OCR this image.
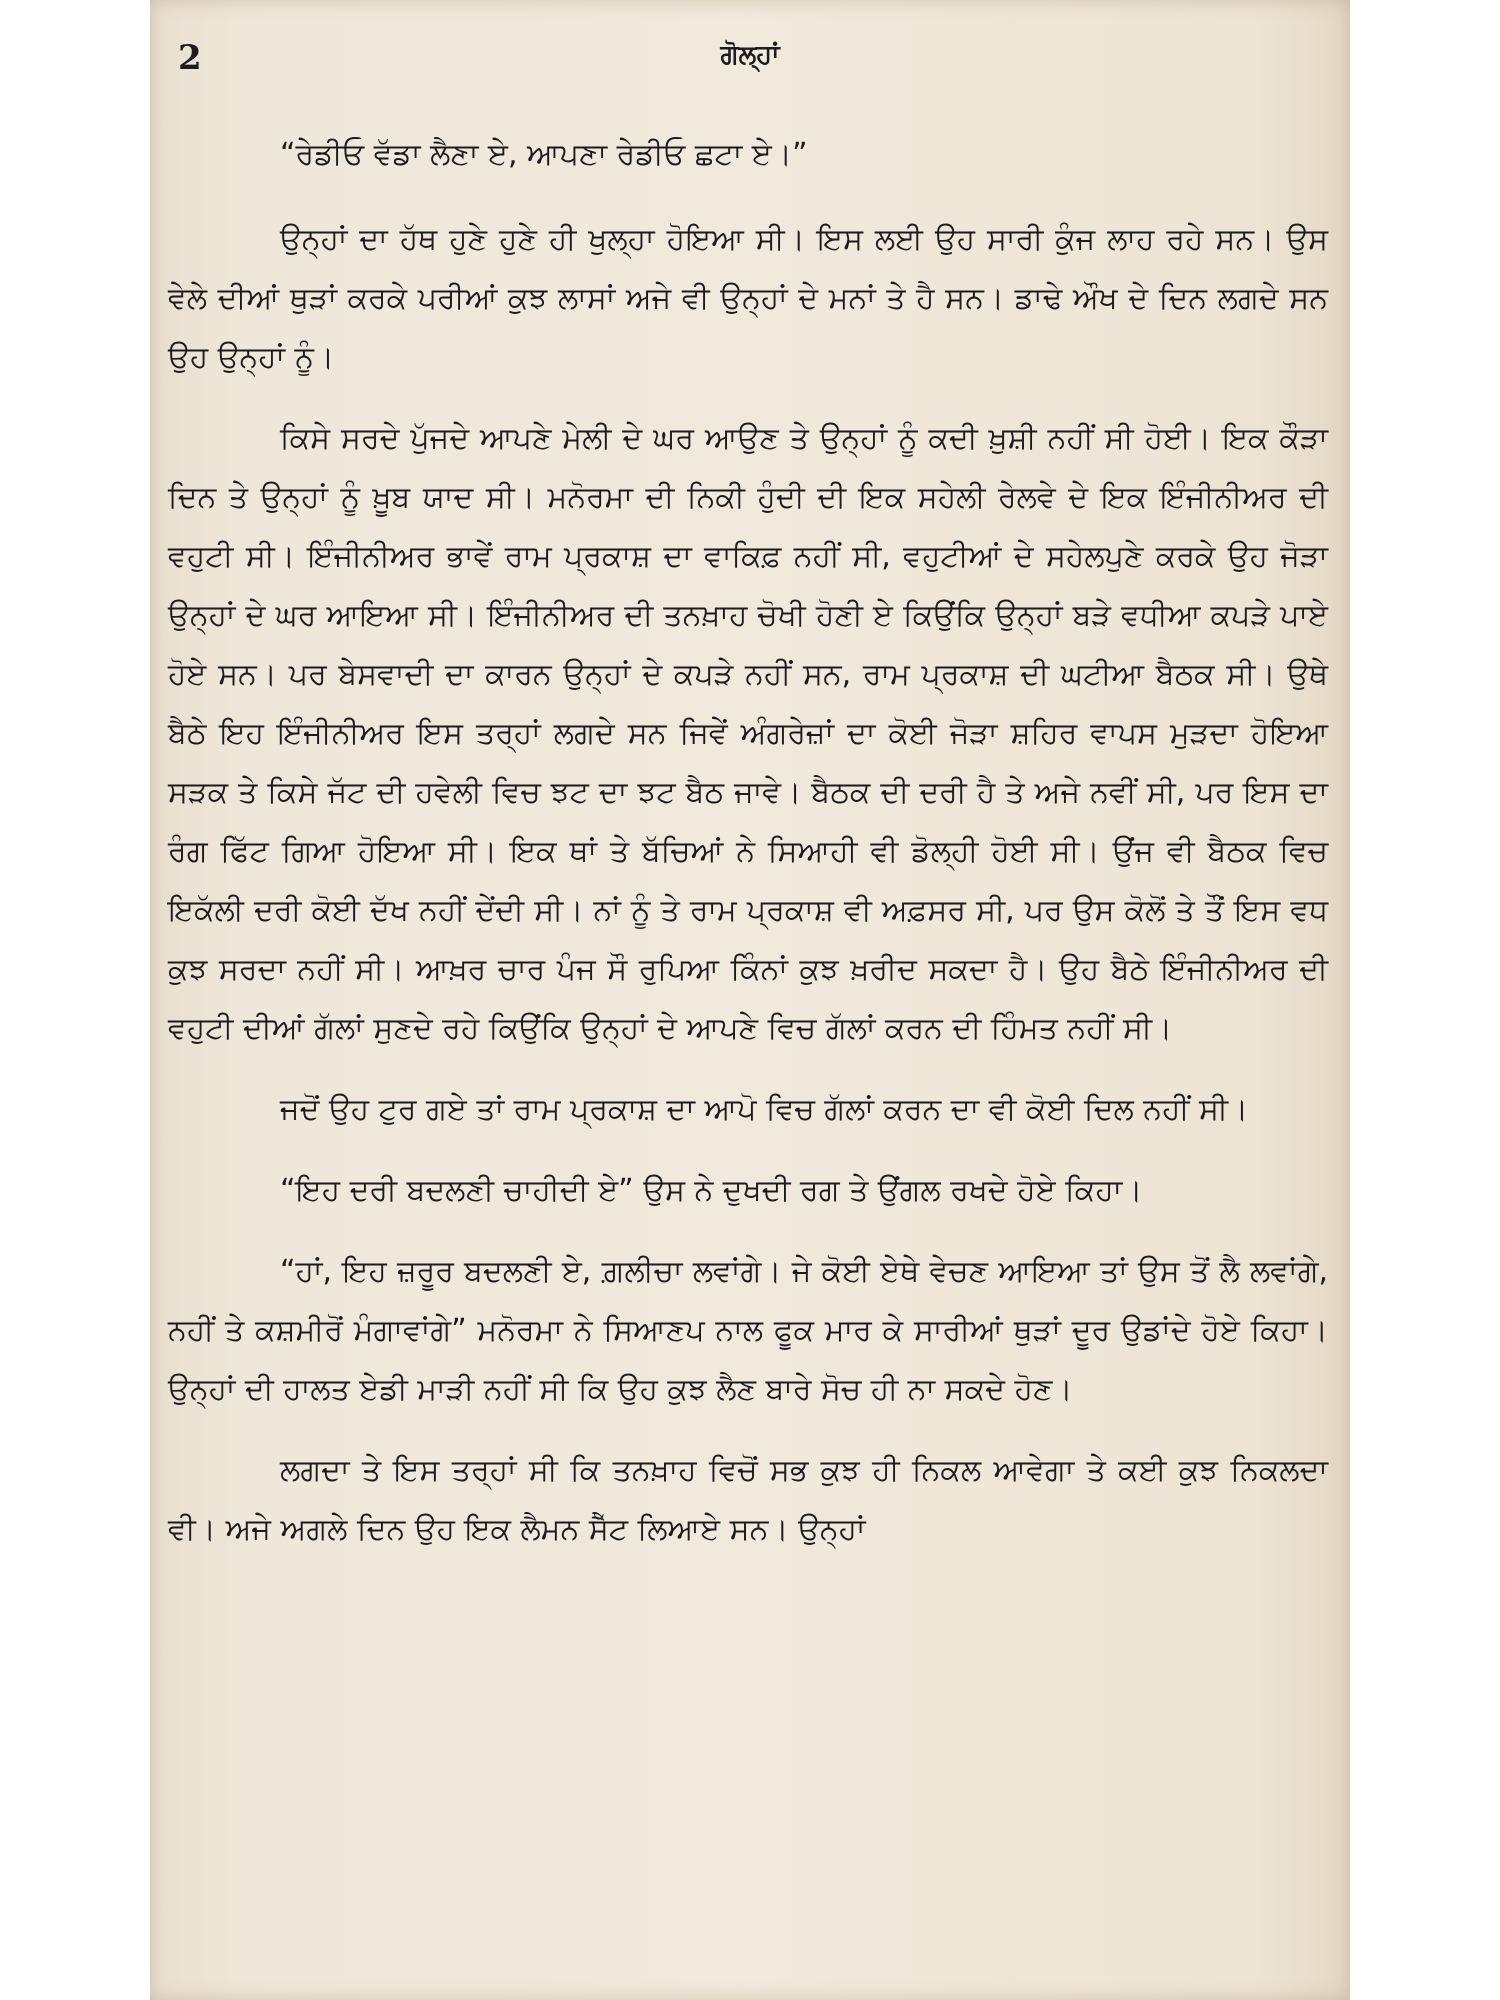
2	ਗੋਲ੍ਹਾਂ

“ਰੇਡੀਓ ਵੱਡਾ ਲੈਣਾ ਏ, ਆਪਣਾ ਰੇਡੀਓ ਛਟਾ ਏ।”

ਉਨ੍ਹਾਂ ਦਾ ਹੱਥ ਹੁਣੇ ਹੁਣੇ ਹੀ ਖੁਲ੍ਹਾ ਹੋਇਆ ਸੀ। ਇਸ ਲਈ ਉਹ ਸਾਰੀ ਕੁੰਜ ਲਾਹ ਰਹੇ ਸਨ। ਉਸ ਵੇਲੇ ਦੀਆਂ ਥੁੜਾਂ ਕਰਕੇ ਪਰੀਆਂ ਕੁਝ ਲਾਸਾਂ ਅਜੇ ਵੀ ਉਨ੍ਹਾਂ ਦੇ ਮਨਾਂ ਤੇ ਹੈ ਸਨ। ਡਾਢੇ ਔਖ ਦੇ ਦਿਨ ਲਗਦੇ ਸਨ ਉਹ ਉਨ੍ਹਾਂ ਨੂੰ।

ਕਿਸੇ ਸਰਦੇ ਪੁੱਜਦੇ ਆਪਣੇ ਮੇਲੀ ਦੇ ਘਰ ਆਉਣ ਤੇ ਉਨ੍ਹਾਂ ਨੂੰ ਕਦੀ ਖ਼ੁਸ਼ੀ ਨਹੀਂ ਸੀ ਹੋਈ। ਇਕ ਕੌੜਾ ਦਿਨ ਤੇ ਉਨ੍ਹਾਂ ਨੂੰ ਖ਼ੂਬ ਯਾਦ ਸੀ। ਮਨੋਰਮਾ ਦੀ ਨਿਕੀ ਹੁੰਦੀ ਦੀ ਇਕ ਸਹੇਲੀ ਰੇਲਵੇ ਦੇ ਇਕ ਇੰਜੀਨੀਅਰ ਦੀ ਵਹੁਟੀ ਸੀ। ਇੰਜੀਨੀਅਰ ਭਾਵੇਂ ਰਾਮ ਪ੍ਰਕਾਸ਼ ਦਾ ਵਾਕਿਫ਼ ਨਹੀਂ ਸੀ, ਵਹੁਟੀਆਂ ਦੇ ਸਹੇਲਪੁਣੇ ਕਰਕੇ ਉਹ ਜੋੜਾ ਉਨ੍ਹਾਂ ਦੇ ਘਰ ਆਇਆ ਸੀ। ਇੰਜੀਨੀਅਰ ਦੀ ਤਨਖ਼ਾਹ ਚੋਖੀ ਹੋਣੀ ਏ ਕਿਉਂਕਿ ਉਨ੍ਹਾਂ ਬੜੇ ਵਧੀਆ ਕਪੜੇ ਪਾਏ ਹੋਏ ਸਨ। ਪਰ ਬੇਸਵਾਦੀ ਦਾ ਕਾਰਨ ਉਨ੍ਹਾਂ ਦੇ ਕਪੜੇ ਨਹੀਂ ਸਨ, ਰਾਮ ਪ੍ਰਕਾਸ਼ ਦੀ ਘਟੀਆ ਬੈਠਕ ਸੀ। ਉਥੇ ਬੈਠੇ ਇਹ ਇੰਜੀਨੀਅਰ ਇਸ ਤਰ੍ਹਾਂ ਲਗਦੇ ਸਨ ਜਿਵੇਂ ਅੰਗਰੇਜ਼ਾਂ ਦਾ ਕੋਈ ਜੋੜਾ ਸ਼ਹਿਰ ਵਾਪਸ ਮੁੜਦਾ ਹੋਇਆ ਸੜਕ ਤੇ ਕਿਸੇ ਜੱਟ ਦੀ ਹਵੇਲੀ ਵਿਚ ਝਟ ਦਾ ਝਟ ਬੈਠ ਜਾਵੇ। ਬੈਠਕ ਦੀ ਦਰੀ ਹੈ ਤੇ ਅਜੇ ਨਵੀਂ ਸੀ, ਪਰ ਇਸ ਦਾ ਰੰਗ ਫਿੱਟ ਗਿਆ ਹੋਇਆ ਸੀ। ਇਕ ਥਾਂ ਤੇ ਬੱਚਿਆਂ ਨੇ ਸਿਆਹੀ ਵੀ ਡੋਲ੍ਹੀ ਹੋਈ ਸੀ। ਉਂਜ ਵੀ ਬੈਠਕ ਵਿਚ ਇਕੱਲੀ ਦਰੀ ਕੋਈ ਦੱਖ ਨਹੀਂ ਦੇਂਦੀ ਸੀ। ਨਾਂ ਨੂੰ ਤੇ ਰਾਮ ਪ੍ਰਕਾਸ਼ ਵੀ ਅਫ਼ਸਰ ਸੀ, ਪਰ ਉਸ ਕੋਲੋਂ ਤੇ ਤੌਂ ਇਸ ਵਧ ਕੁਝ ਸਰਦਾ ਨਹੀਂ ਸੀ। ਆਖ਼ਰ ਚਾਰ ਪੰਜ ਸੌ ਰੁਪਿਆ ਕਿੰਨਾਂ ਕੁਝ ਖ਼ਰੀਦ ਸਕਦਾ ਹੈ। ਉਹ ਬੈਠੇ ਇੰਜੀਨੀਅਰ ਦੀ ਵਹੁਟੀ ਦੀਆਂ ਗੱਲਾਂ ਸੁਣਦੇ ਰਹੇ ਕਿਉਂਕਿ ਉਨ੍ਹਾਂ ਦੇ ਆਪਣੇ ਵਿਚ ਗੱਲਾਂ ਕਰਨ ਦੀ ਹਿੰਮਤ ਨਹੀਂ ਸੀ।

ਜਦੋਂ ਉਹ ਟੁਰ ਗਏ ਤਾਂ ਰਾਮ ਪ੍ਰਕਾਸ਼ ਦਾ ਆਪੋ ਵਿਚ ਗੱਲਾਂ ਕਰਨ ਦਾ ਵੀ ਕੋਈ ਦਿਲ ਨਹੀਂ ਸੀ।

“ਇਹ ਦਰੀ ਬਦਲਣੀ ਚਾਹੀਦੀ ਏ” ਉਸ ਨੇ ਦੁਖਦੀ ਰਗ ਤੇ ਉਂਗਲ ਰਖਦੇ ਹੋਏ ਕਿਹਾ।

“ਹਾਂ, ਇਹ ਜ਼ਰੂਰ ਬਦਲਣੀ ਏ, ਗ਼ਲੀਚਾ ਲਵਾਂਗੇ। ਜੇ ਕੋਈ ਏਥੇ ਵੇਚਣ ਆਇਆ ਤਾਂ ਉਸ ਤੋਂ ਲੈ ਲਵਾਂਗੇ, ਨਹੀਂ ਤੇ ਕਸ਼ਮੀਰੋਂ ਮੰਗਾਵਾਂਗੇ” ਮਨੋਰਮਾ ਨੇ ਸਿਆਣਪ ਨਾਲ ਫੂਕ ਮਾਰ ਕੇ ਸਾਰੀਆਂ ਥੁੜਾਂ ਦੂਰ ਉਡਾਂਦੇ ਹੋਏ ਕਿਹਾ। ਉਨ੍ਹਾਂ ਦੀ ਹਾਲਤ ਏਡੀ ਮਾੜੀ ਨਹੀਂ ਸੀ ਕਿ ਉਹ ਕੁਝ ਲੈਣ ਬਾਰੇ ਸੋਚ ਹੀ ਨਾ ਸਕਦੇ ਹੋਣ।

ਲਗਦਾ ਤੇ ਇਸ ਤਰ੍ਹਾਂ ਸੀ ਕਿ ਤਨਖ਼ਾਹ ਵਿਚੋਂ ਸਭ ਕੁਝ ਹੀ ਨਿਕਲ ਆਵੇਗਾ ਤੇ ਕਈ ਕੁਝ ਨਿਕਲਦਾ ਵੀ। ਅਜੇ ਅਗਲੇ ਦਿਨ ਉਹ ਇਕ ਲੈਮਨ ਸੈੱਟ ਲਿਆਏ ਸਨ। ਉਨ੍ਹਾਂ
